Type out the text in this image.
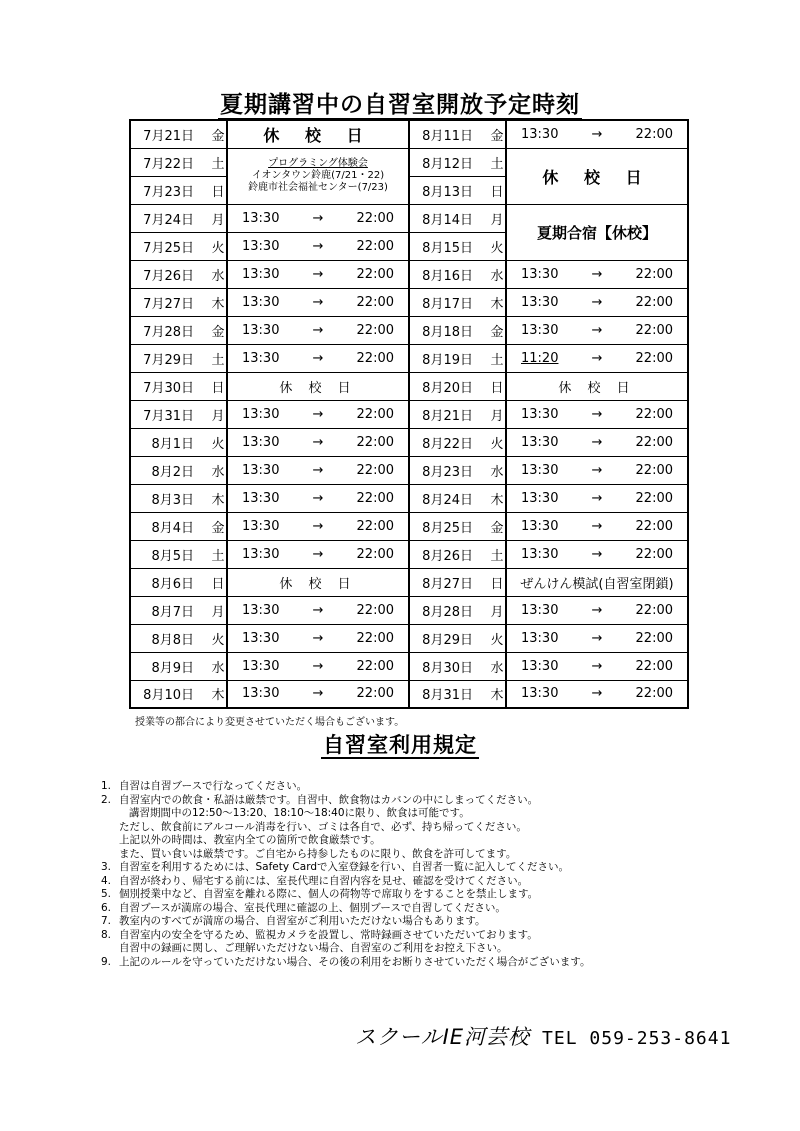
夏期講習中の自習室開放予定時刻
7月21日	金	休 校 日	8月11日	金	13:30 → 22:00

7月22日	土	プログラミング体験会
イオンタウン鈴鹿(7/21・22)
鈴鹿市社会福祉センター(7/23)	8月12日	土	休 校 日

7月23日	日		8月13日	日	
7月24日	月	13:30 → 22:00	8月14日	月	夏期合宿【休校】

7月25日	火	13:30 → 22:00	8月15日	火	
7月26日	水	13:30 → 22:00	8月16日	水	13:30 → 22:00

7月27日	木	13:30 → 22:00	8月17日	木	13:30 → 22:00

7月28日	金	13:30 → 22:00	8月18日	金	13:30 → 22:00

7月29日	土	13:30 → 22:00	8月19日	土	11:20 → 22:00

7月30日	日	休 校 日	8月20日	日	休 校 日

7月31日	月	13:30 → 22:00	8月21日	月	13:30 → 22:00

8月1日	火	13:30 → 22:00	8月22日	火	13:30 → 22:00

8月2日	水	13:30 → 22:00	8月23日	水	13:30 → 22:00

8月3日	木	13:30 → 22:00	8月24日	木	13:30 → 22:00

8月4日	金	13:30 → 22:00	8月25日	金	13:30 → 22:00

8月5日	土	13:30 → 22:00	8月26日	土	13:30 → 22:00

8月6日	日	休 校 日	8月27日	日	ぜんけん模試(自習室閉鎖)

8月7日	月	13:30 → 22:00	8月28日	月	13:30 → 22:00

8月8日	火	13:30 → 22:00	8月29日	火	13:30 → 22:00

8月9日	水	13:30 → 22:00	8月30日	水	13:30 → 22:00

8月10日	木	13:30 → 22:00	8月31日	木	13:30 → 22:00
授業等の都合により変更させていただく場合もございます。
自習室利用規定
1. 自習は自習ブースで行なってください。
2. 自習室内での飲食・私語は厳禁です。自習中、飲食物はカバンの中にしまってください。
講習期間中の12:50～13:20、18:10～18:40に限り、飲食は可能です。
ただし、飲食前にアルコール消毒を行い、ゴミは各自で、必ず、持ち帰ってください。
上記以外の時間は、教室内全ての箇所で飲食厳禁です。
また、買い食いは厳禁です。ご自宅から持参したものに限り、飲食を許可してます。
3. 自習室を利用するためには、Safety Cardで入室登録を行い、自習者一覧に記入してください。
4. 自習が終わり、帰宅する前には、室長代理に自習内容を見せ、確認を受けてください。
5. 個別授業中など、自習室を離れる際に、個人の荷物等で席取りをすることを禁止します。
6. 自習ブースが満席の場合、室長代理に確認の上、個別ブースで自習してください。
7. 教室内のすべてが満席の場合、自習室がご利用いただけない場合もあります。
8. 自習室内の安全を守るため、監視カメラを設置し、常時録画させていただいております。
自習中の録画に関し、ご理解いただけない場合、自習室のご利用をお控え下さい。
9. 上記のルールを守っていただけない場合、その後の利用をお断りさせていただく場合がございます。
スクールIE河芸校 TEL 059-253-8641
